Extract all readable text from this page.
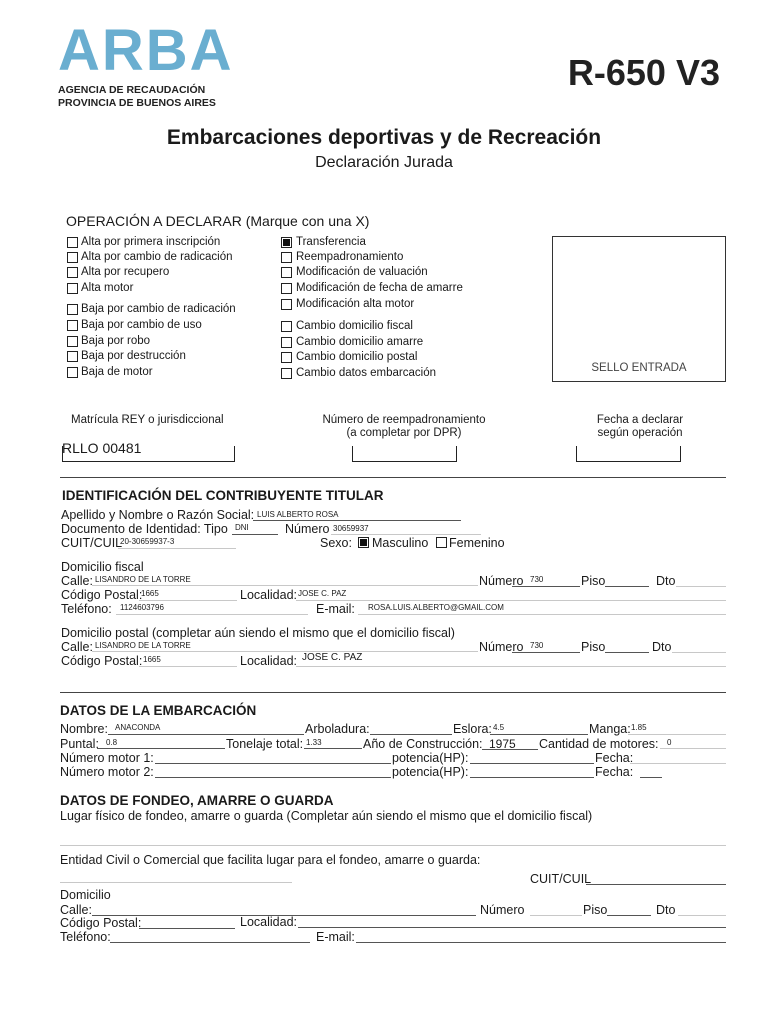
ARBA
AGENCIA DE RECAUDACIÓN
PROVINCIA DE BUENOS AIRES
R-650 V3
Embarcaciones deportivas y de Recreación
Declaración Jurada
OPERACIÓN A DECLARAR (Marque con una X)
Alta por primera inscripción
Alta por cambio de radicación
Alta por recupero
Alta motor
Baja por cambio de radicación
Baja por cambio de uso
Baja por robo
Baja por destrucción
Baja de motor
Transferencia
Reempadronamiento
Modificación de valuación
Modificación de fecha de amarre
Modificación alta motor
Cambio domicilio fiscal
Cambio domicilio amarre
Cambio domicilio postal
Cambio datos embarcación	SELLO ENTRADA
Matrícula REY o jurisdiccional
RLLO 00481
Número de reempadronamiento
(a completar por DPR)
Fecha a declarar
según operación
IDENTIFICACIÓN DEL CONTRIBUYENTE TITULAR
Apellido y Nombre o Razón Social: LUIS ALBERTO ROSA
Documento de Identidad: Tipo DNI	Número 30659937
CUIT/CUIL
20-30659937-3	Sexo: Masculino Femenino
Domicilio fiscal
Calle: LISANDRO DE LA TORRE	Número 730	Piso	Dto
Código Postal:
1665	Localidad: JOSE C. PAZ
Teléfono: 1124603796	E-mail: ROSA.LUIS.ALBERTO@GMAIL.COM
Domicilio postal (completar aún siendo el mismo que el domicilio fiscal)
Calle: LISANDRO DE LA TORRE	Número 730	Piso	Dto
Código Postal: 1665	Localidad: JOSE C. PAZ
DATOS DE LA EMBARCACIÓN
Nombre: ANACONDA	Arboladura:	Eslora: 4.5	Manga: 1.85
Puntal: 0.8	Tonelaje total: 1.33	Año de Construcción: 1975 Cantidad de motores: 0
Número motor 1:	potencia(HP):	Fecha:
Número motor 2:	potencia(HP):	Fecha:
DATOS DE FONDEO, AMARRE O GUARDA
Lugar físico de fondeo, amarre o guarda (Completar aún siendo el mismo que el domicilio fiscal)
Entidad Civil o Comercial que facilita lugar para el fondeo, amarre o guarda:
CUIT/CUIL
Domicilio
Calle:	Número	Piso	Dto
Código Postal:	Localidad:
Teléfono:	E-mail:
